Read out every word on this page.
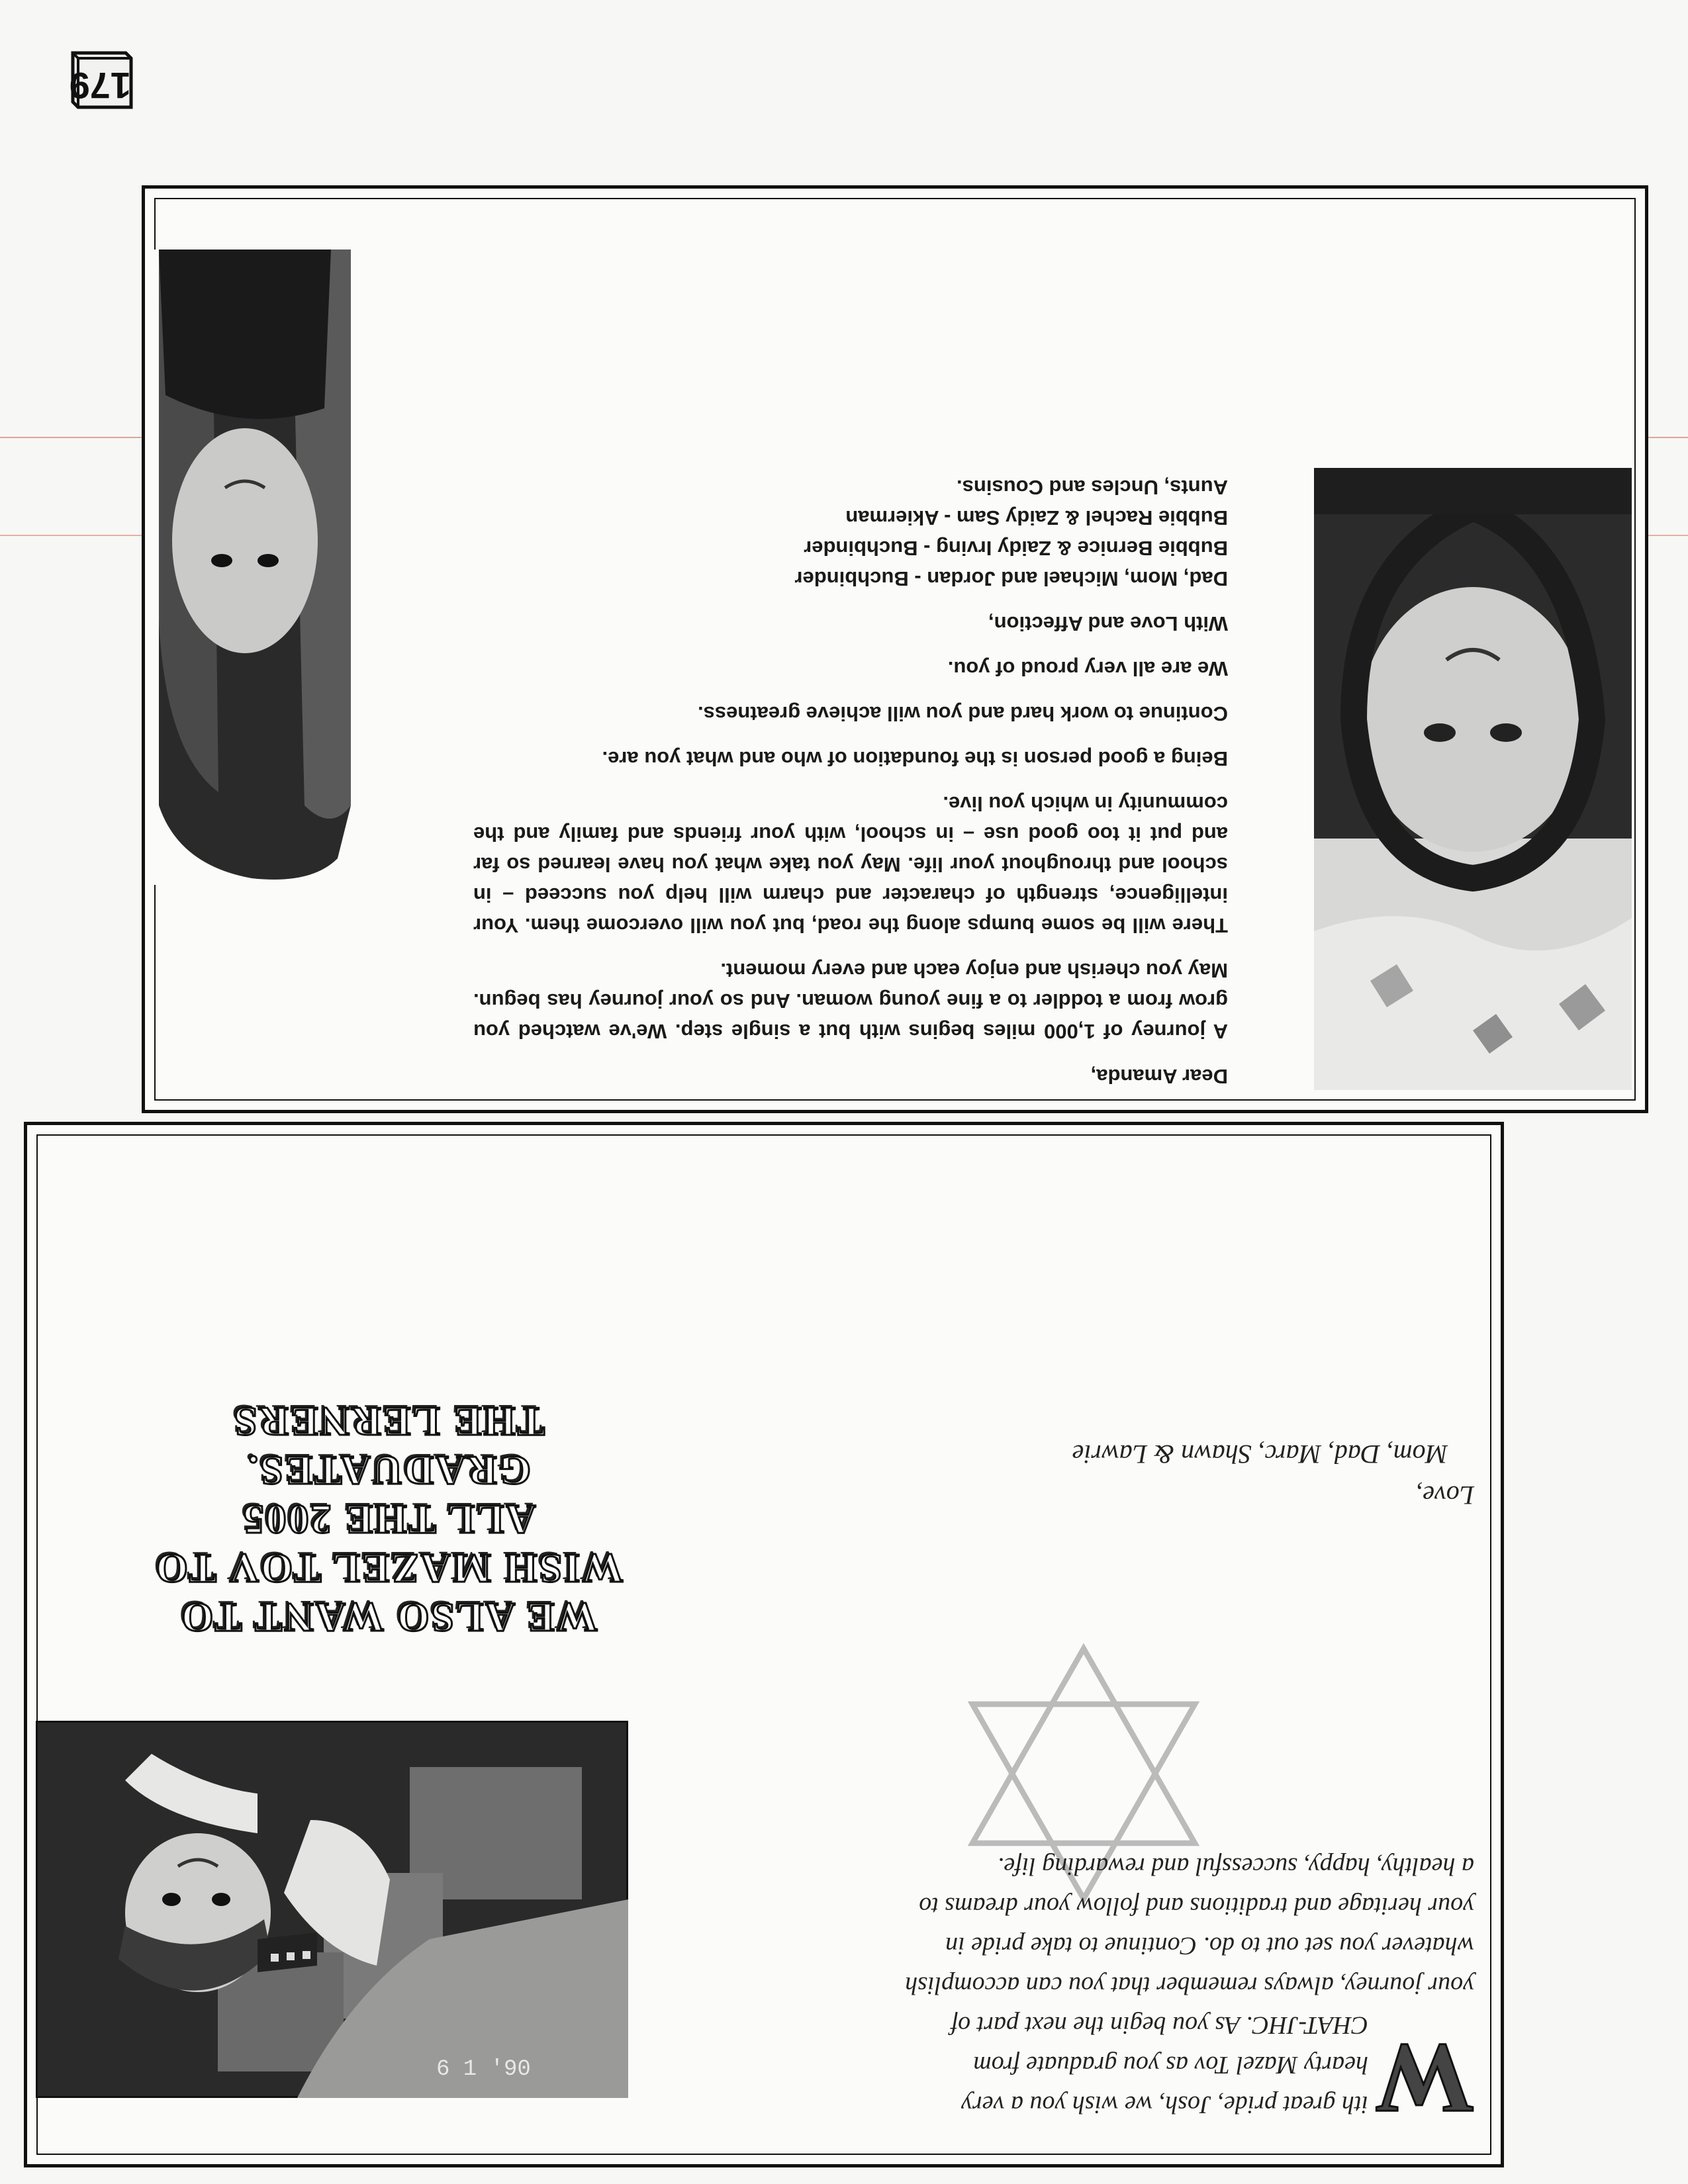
Dear Amanda,

A journey of 1,000 miles begins with but a single step. We've watched you grow from a toddler to a fine young woman. And so your journey has begun. May you cherish and enjoy each and every moment.

There will be some bumps along the road, but you will overcome them. Your intelligence, strength of character and charm will help you succeed – in school and throughout your life. May you take what you have learned so far and put it too good use – in school, with your friends and family and the community in which you live.

Being a good person is the foundation of who and what you are.

Continue to work hard and you will achieve greatness.

We are all very proud of you.

With Love and Affection,

Dad, Mom, Michael and Jordan - Buchbinder
Bubbie Bernice & Zaidy Irving - Buchbinder
Bubbie Rachel & Zaidy Sam - Akierman
Aunts, Uncles and Cousins.
W
ith great pride, Josh, we wish you a very hearty Mazel Tov as you graduate from CHAT-JHC. As you begin the next part of your journey, always remember that you can accomplish whatever you set out to do. Continue to take pride in your heritage and traditions and follow your dreams to a healthy, happy, successful and rewarding life.
Love,
Mom, Dad, Marc, Shawn & Lawrie
6 1 '90
WE ALSO WANT TO
WISH MAZEL TOV TO
ALL THE 2005
GRADUATES.
THE LERNERS
179
